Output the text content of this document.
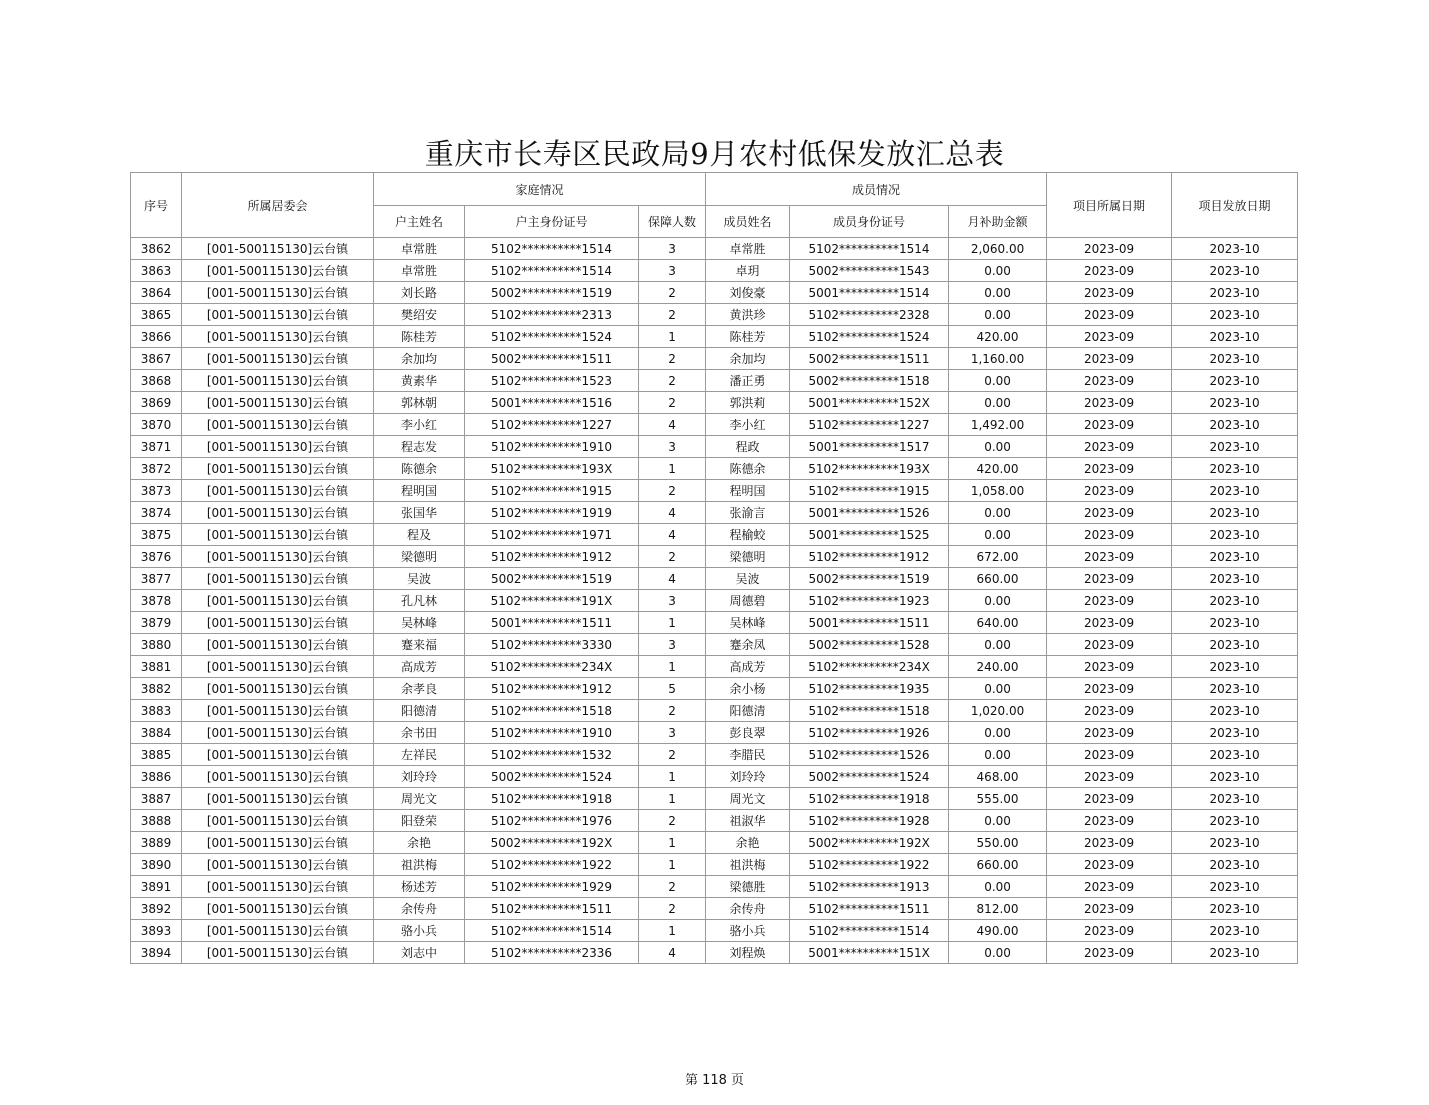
重庆市长寿区民政局9月农村低保发放汇总表
序号	所属居委会	家庭情况			成员情况			项目所属日期	项目发放日期
		户主姓名	户主身份证号	保障人数	成员姓名	成员身份证号	月补助金额		
3862	[001-500115130]云台镇	卓常胜	5102**********1514	3	卓常胜	5102**********1514	2,060.00	2023-09	2023-10
3863	[001-500115130]云台镇	卓常胜	5102**********1514	3	卓玥	5002**********1543	0.00	2023-09	2023-10
3864	[001-500115130]云台镇	刘长路	5002**********1519	2	刘俊豪	5001**********1514	0.00	2023-09	2023-10
3865	[001-500115130]云台镇	樊绍安	5102**********2313	2	黄洪珍	5102**********2328	0.00	2023-09	2023-10
3866	[001-500115130]云台镇	陈桂芳	5102**********1524	1	陈桂芳	5102**********1524	420.00	2023-09	2023-10
3867	[001-500115130]云台镇	余加均	5002**********1511	2	余加均	5002**********1511	1,160.00	2023-09	2023-10
3868	[001-500115130]云台镇	黄素华	5102**********1523	2	潘正勇	5002**********1518	0.00	2023-09	2023-10
3869	[001-500115130]云台镇	郭林朝	5001**********1516	2	郭洪莉	5001**********152X	0.00	2023-09	2023-10
3870	[001-500115130]云台镇	李小红	5102**********1227	4	李小红	5102**********1227	1,492.00	2023-09	2023-10
3871	[001-500115130]云台镇	程志发	5102**********1910	3	程政	5001**********1517	0.00	2023-09	2023-10
3872	[001-500115130]云台镇	陈德余	5102**********193X	1	陈德余	5102**********193X	420.00	2023-09	2023-10
3873	[001-500115130]云台镇	程明国	5102**********1915	2	程明国	5102**********1915	1,058.00	2023-09	2023-10
3874	[001-500115130]云台镇	张国华	5102**********1919	4	张渝言	5001**********1526	0.00	2023-09	2023-10
3875	[001-500115130]云台镇	程及	5102**********1971	4	程榆蛟	5001**********1525	0.00	2023-09	2023-10
3876	[001-500115130]云台镇	梁德明	5102**********1912	2	梁德明	5102**********1912	672.00	2023-09	2023-10
3877	[001-500115130]云台镇	吴波	5002**********1519	4	吴波	5002**********1519	660.00	2023-09	2023-10
3878	[001-500115130]云台镇	孔凡林	5102**********191X	3	周德碧	5102**********1923	0.00	2023-09	2023-10
3879	[001-500115130]云台镇	吴林峰	5001**********1511	1	吴林峰	5001**********1511	640.00	2023-09	2023-10
3880	[001-500115130]云台镇	蹇来福	5102**********3330	3	蹇余凤	5002**********1528	0.00	2023-09	2023-10
3881	[001-500115130]云台镇	高成芳	5102**********234X	1	高成芳	5102**********234X	240.00	2023-09	2023-10
3882	[001-500115130]云台镇	余孝良	5102**********1912	5	余小杨	5102**********1935	0.00	2023-09	2023-10
3883	[001-500115130]云台镇	阳德清	5102**********1518	2	阳德清	5102**********1518	1,020.00	2023-09	2023-10
3884	[001-500115130]云台镇	余书田	5102**********1910	3	彭良翠	5102**********1926	0.00	2023-09	2023-10
3885	[001-500115130]云台镇	左祥民	5102**********1532	2	李腊民	5102**********1526	0.00	2023-09	2023-10
3886	[001-500115130]云台镇	刘玲玲	5002**********1524	1	刘玲玲	5002**********1524	468.00	2023-09	2023-10
3887	[001-500115130]云台镇	周光文	5102**********1918	1	周光文	5102**********1918	555.00	2023-09	2023-10
3888	[001-500115130]云台镇	阳登荣	5102**********1976	2	祖淑华	5102**********1928	0.00	2023-09	2023-10
3889	[001-500115130]云台镇	余艳	5002**********192X	1	余艳	5002**********192X	550.00	2023-09	2023-10
3890	[001-500115130]云台镇	祖洪梅	5102**********1922	1	祖洪梅	5102**********1922	660.00	2023-09	2023-10
3891	[001-500115130]云台镇	杨述芳	5102**********1929	2	梁德胜	5102**********1913	0.00	2023-09	2023-10
3892	[001-500115130]云台镇	余传舟	5102**********1511	2	余传舟	5102**********1511	812.00	2023-09	2023-10
3893	[001-500115130]云台镇	骆小兵	5102**********1514	1	骆小兵	5102**********1514	490.00	2023-09	2023-10
3894	[001-500115130]云台镇	刘志中	5102**********2336	4	刘程焕	5001**********151X	0.00	2023-09	2023-10
第 118 页
